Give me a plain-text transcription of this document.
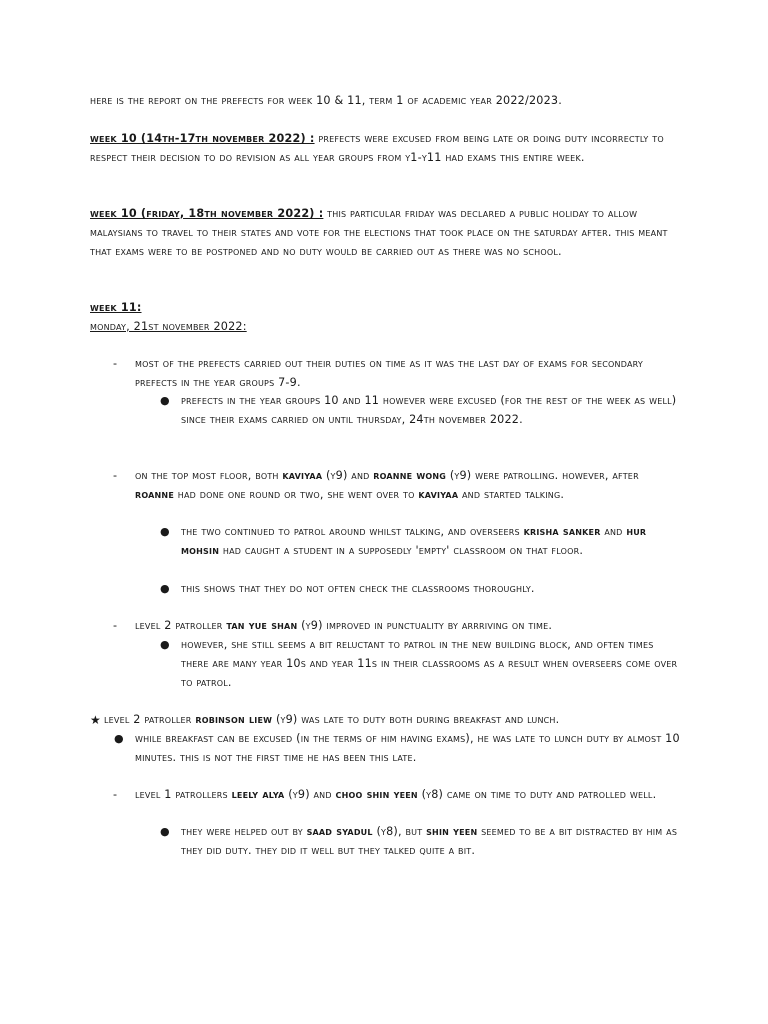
here is the report on the prefects for week 10 & 11, term 1 of academic year 2022/2023.

week 10 (14th-17th november 2022) : prefects were excused from being late or doing duty incorrectly to respect their decision to do revision as all year groups from y1-y11 had exams this entire week.

week 10 (friday, 18th november 2022) : this particular friday was declared a public holiday to allow malaysians to travel to their states and vote for the elections that took place on the saturday after. this meant that exams were to be postponed and no duty would be carried out as there was no school.

week 11:
monday, 21st november 2022:

- most of the prefects carried out their duties on time as it was the last day of exams for secondary prefects in the year groups 7-9.

● prefects in the year groups 10 and 11 however were excused (for the rest of the week as well) since their exams carried on until thursday, 24th november 2022.

- on the top most floor, both kaviyaa (y9) and roanne wong (y9) were patrolling. however, after roanne had done one round or two, she went over to kaviyaa and started talking.

● the two continued to patrol around whilst talking, and overseers krisha sanker and hur mohsin had caught a student in a supposedly 'empty' classroom on that floor.

● this shows that they do not often check the classrooms thoroughly.

- level 2 patroller tan yue shan (y9) improved in punctuality by arrriving on time.

● however, she still seems a bit reluctant to patrol in the new building block, and often times there are many year 10s and year 11s in their classrooms as a result when overseers come over to patrol.

★ level 2 patroller robinson liew (y9) was late to duty both during breakfast and lunch.

● while breakfast can be excused (in the terms of him having exams), he was late to lunch duty by almost 10 minutes. this is not the first time he has been this late.

- level 1 patrollers leely alya (y9) and choo shin yeen (y8) came on time to duty and patrolled well.

● they were helped out by saad syadul (y8), but shin yeen seemed to be a bit distracted by him as they did duty. they did it well but they talked quite a bit.
